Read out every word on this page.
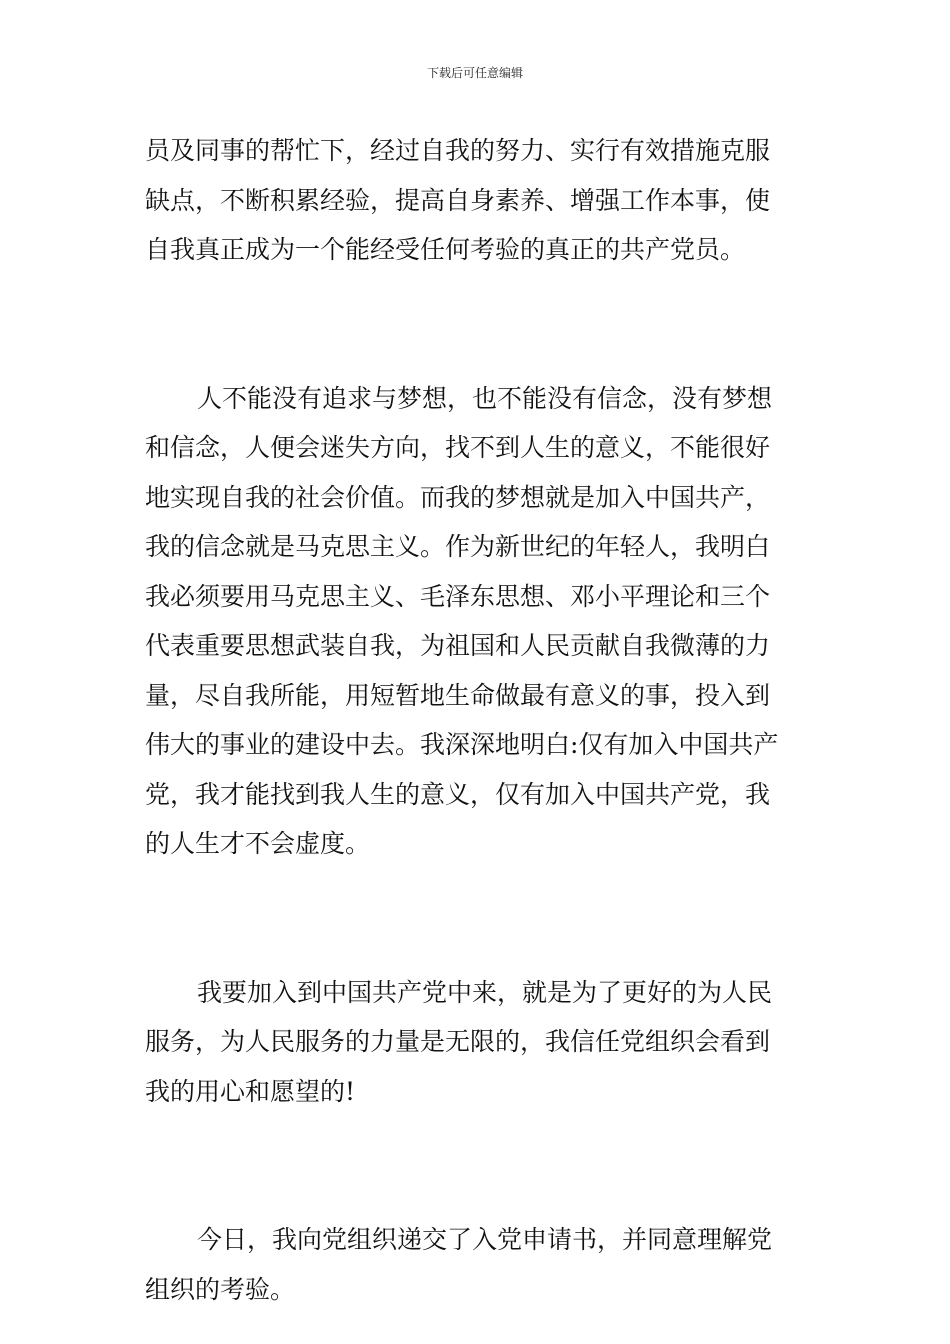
下载后可任意编辑
员及同事的帮忙下，经过自我的努力、实行有效措施克服
缺点，不断积累经验，提高自身素养、增强工作本事，使
自我真正成为一个能经受任何考验的真正的共产党员。
人不能没有追求与梦想，也不能没有信念，没有梦想
和信念，人便会迷失方向，找不到人生的意义，不能很好
地实现自我的社会价值。而我的梦想就是加入中国共产，
我的信念就是马克思主义。作为新世纪的年轻人，我明白
我必须要用马克思主义、毛泽东思想、邓小平理论和三个
代表重要思想武装自我，为祖国和人民贡献自我微薄的力
量，尽自我所能，用短暂地生命做最有意义的事，投入到
伟大的事业的建设中去。我深深地明白:仅有加入中国共产
党，我才能找到我人生的意义，仅有加入中国共产党，我
的人生才不会虚度。
我要加入到中国共产党中来，就是为了更好的为人民
服务，为人民服务的力量是无限的，我信任党组织会看到
我的用心和愿望的!
今日，我向党组织递交了入党申请书，并同意理解党
组织的考验。
